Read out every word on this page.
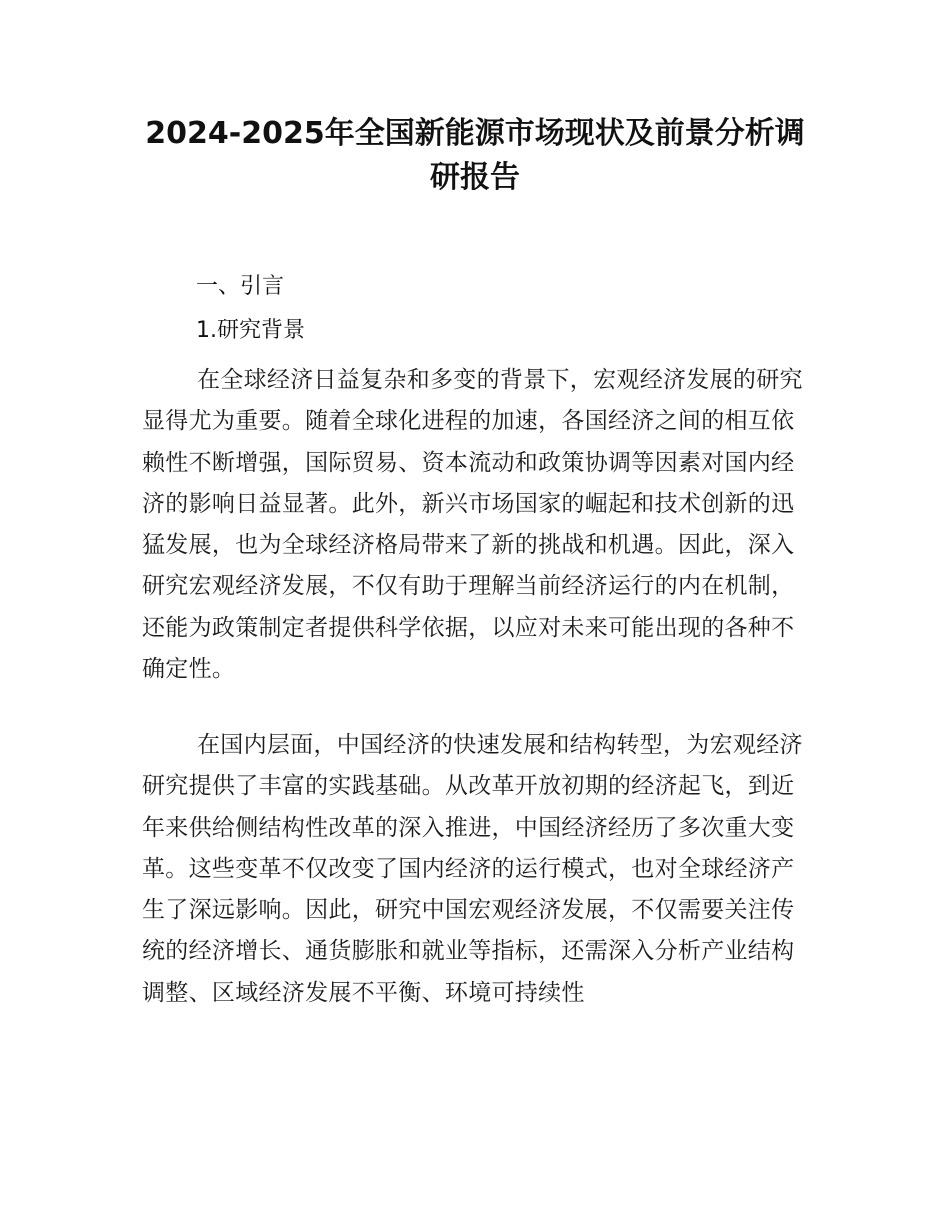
2024-2025年全国新能源市场现状及前景分析调
研报告
一、引言
1.研究背景

在全球经济日益复杂和多变的背景下，宏观经济发展的研究显得尤为重要。随着全球化进程的加速，各国经济之间的相互依赖性不断增强，国际贸易、资本流动和政策协调等因素对国内经济的影响日益显著。此外，新兴市场国家的崛起和技术创新的迅猛发展，也为全球经济格局带来了新的挑战和机遇。因此，深入研究宏观经济发展，不仅有助于理解当前经济运行的内在机制，还能为政策制定者提供科学依据，以应对未来可能出现的各种不确定性。

在国内层面，中国经济的快速发展和结构转型，为宏观经济研究提供了丰富的实践基础。从改革开放初期的经济起飞，到近年来供给侧结构性改革的深入推进，中国经济经历了多次重大变革。这些变革不仅改变了国内经济的运行模式，也对全球经济产生了深远影响。因此，研究中国宏观经济发展，不仅需要关注传统的经济增长、通货膨胀和就业等指标，还需深入分析产业结构调整、区域经济发展不平衡、环境可持续性
